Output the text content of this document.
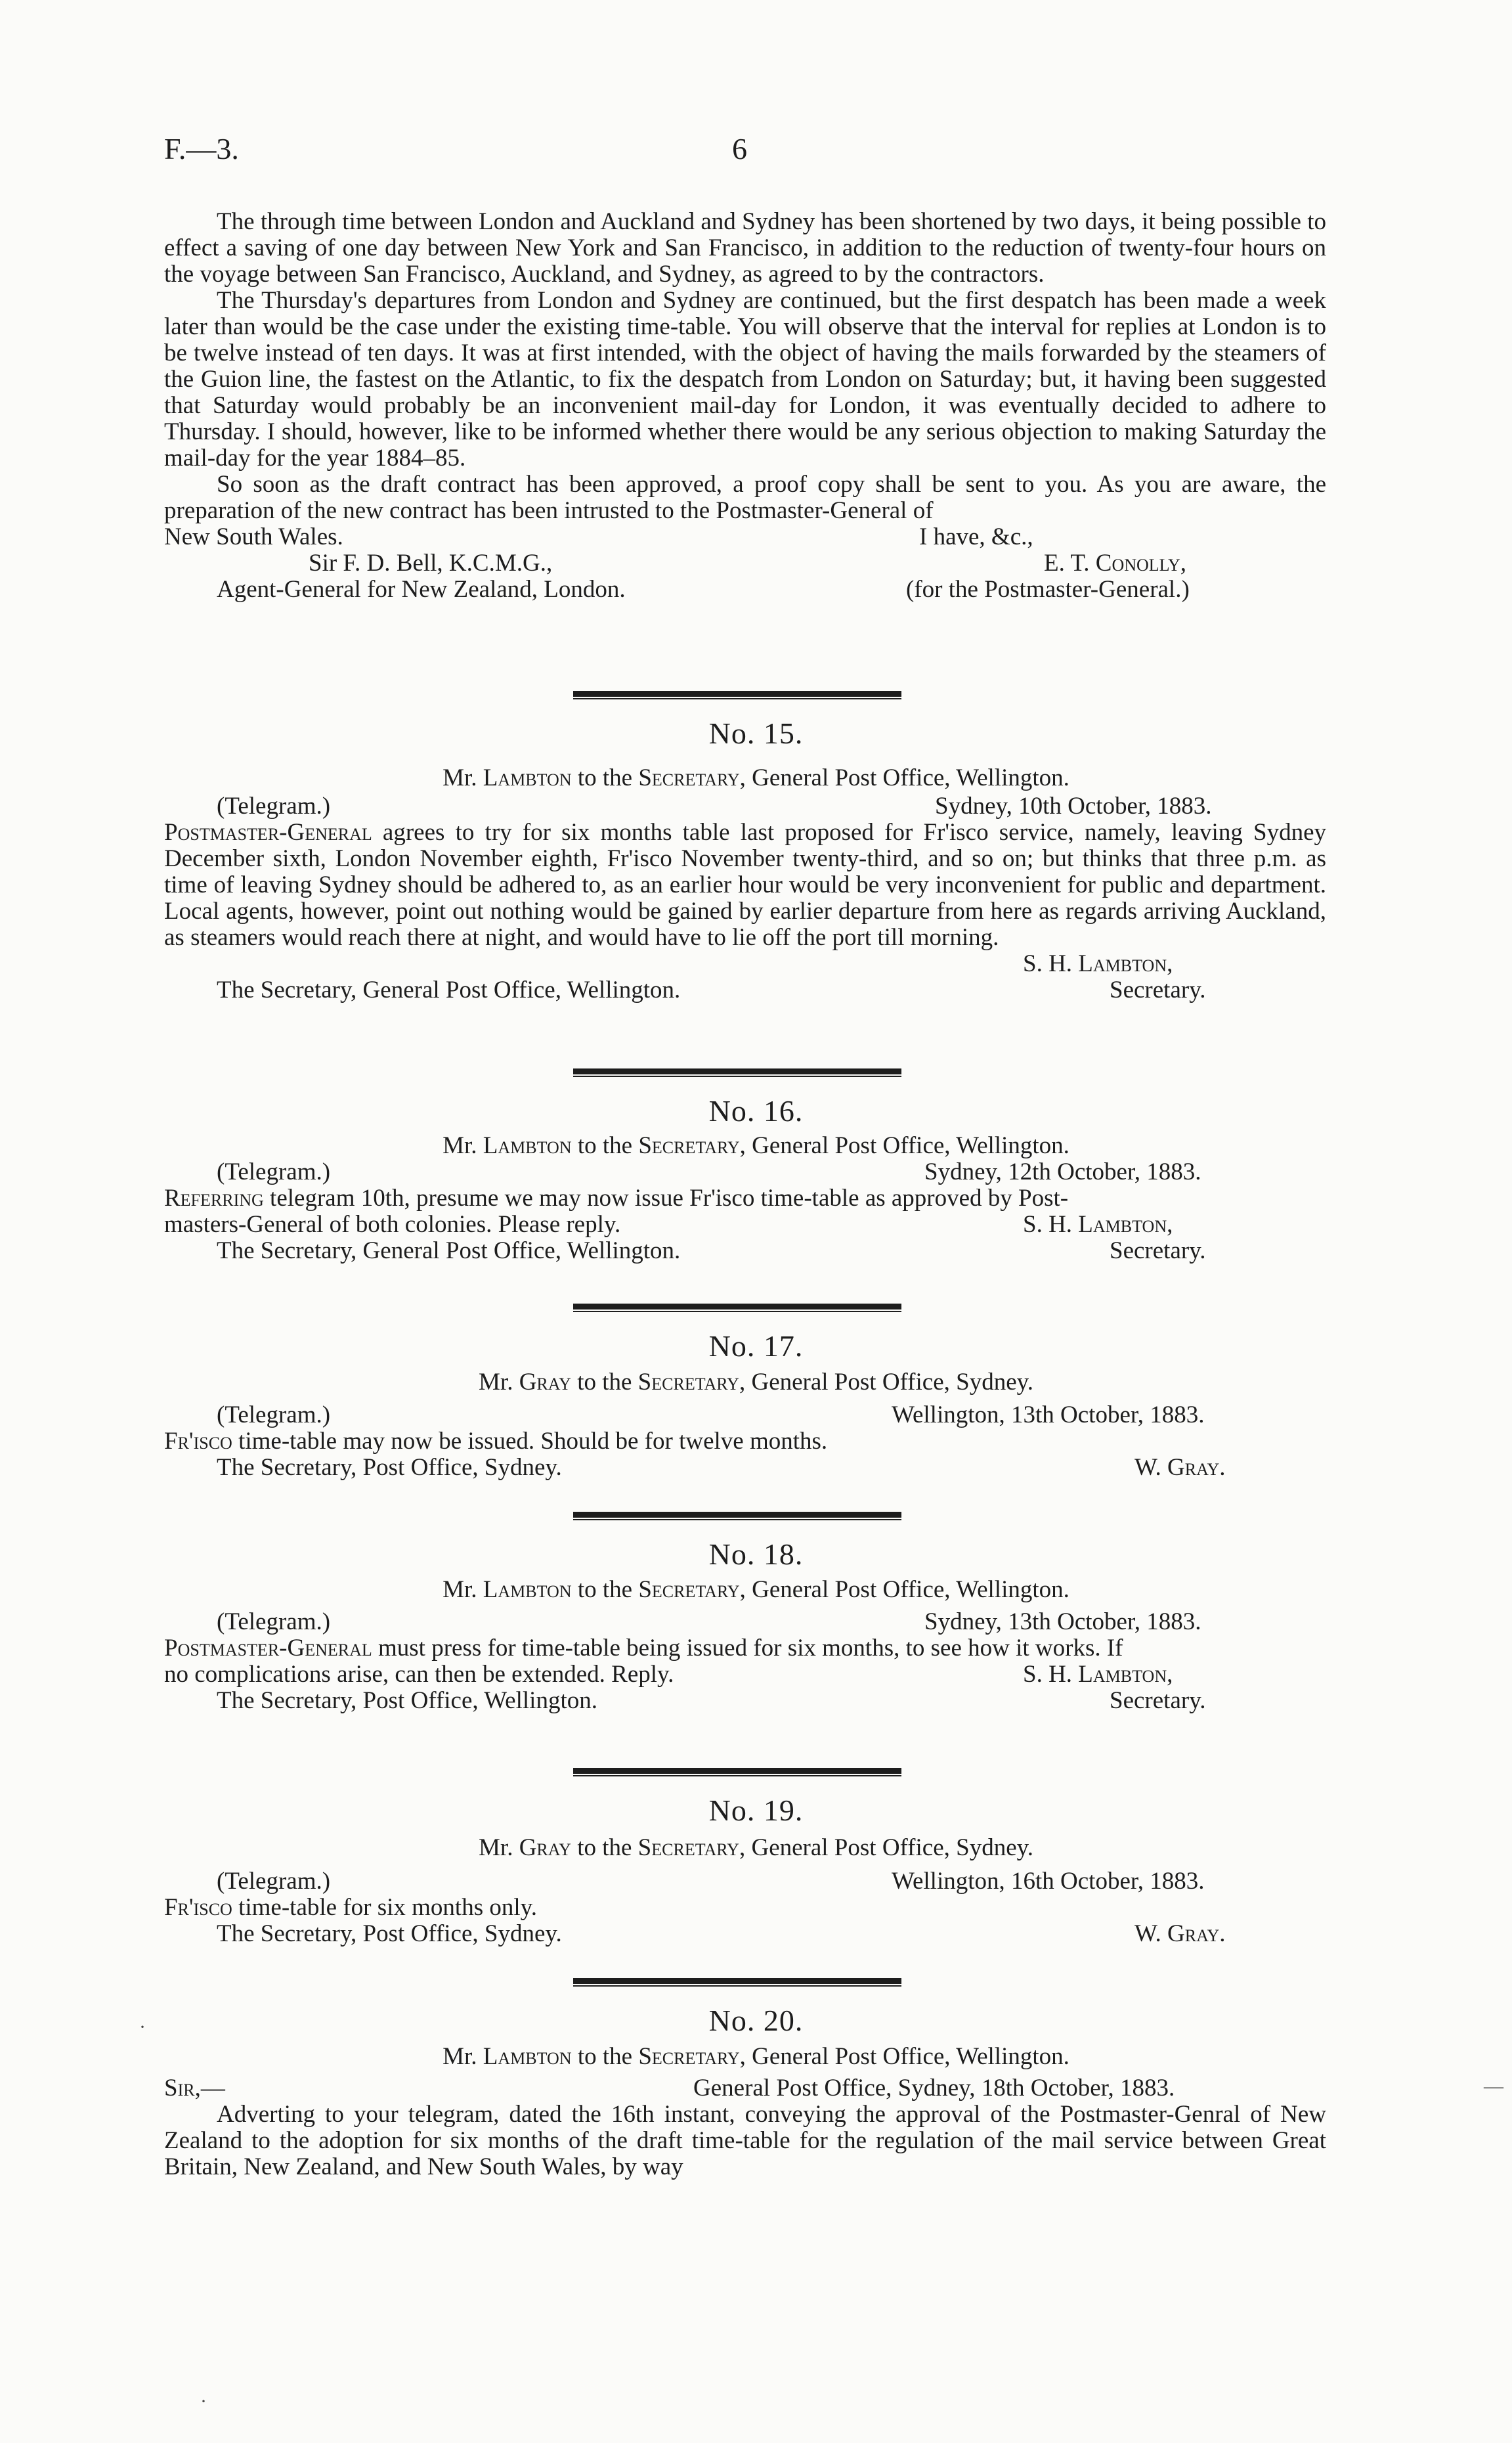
F.—3.	6

The through time between London and Auckland and Sydney has been shortened by two days, it being possible to effect a saving of one day between New York and San Francisco, in addition to the reduction of twenty-four hours on the voyage between San Francisco, Auckland, and Sydney, as agreed to by the contractors.

The Thursday's departures from London and Sydney are continued, but the first despatch has been made a week later than would be the case under the existing time-table. You will observe that the interval for replies at London is to be twelve instead of ten days. It was at first intended, with the object of having the mails forwarded by the steamers of the Guion line, the fastest on the Atlantic, to fix the despatch from London on Saturday; but, it having been suggested that Saturday would probably be an inconvenient mail-day for London, it was eventually decided to adhere to Thursday. I should, however, like to be informed whether there would be any serious objection to making Saturday the mail-day for the year 1884–85.

So soon as the draft contract has been approved, a proof copy shall be sent to you. As you are aware, the preparation of the new contract has been intrusted to the Postmaster-General of

New South Wales.	I have, &c.,
Sir F. D. Bell, K.C.M.G.,	E. T. Conolly,
Agent-General for New Zealand, London.	(for the Postmaster-General.)
No. 15.
Mr. Lambton to the Secretary, General Post Office, Wellington.
(Telegram.)	Sydney, 10th October, 1883.

Postmaster-General agrees to try for six months table last proposed for Fr'isco service, namely, leaving Sydney December sixth, London November eighth, Fr'isco November twenty-third, and so on; but thinks that three p.m. as time of leaving Sydney should be adhered to, as an earlier hour would be very inconvenient for public and department. Local agents, however, point out nothing would be gained by earlier departure from here as regards arriving Auckland, as steamers would reach there at night, and would have to lie off the port till morning.

S. H. Lambton,
The Secretary, General Post Office, Wellington.	Secretary.
No. 16.
Mr. Lambton to the Secretary, General Post Office, Wellington.
(Telegram.)	Sydney, 12th October, 1883.
Referring telegram 10th, presume we may now issue Fr'isco time-table as approved by Post-
masters-General of both colonies. Please reply.	S. H. Lambton,
The Secretary, General Post Office, Wellington.	Secretary.
No. 17.
Mr. Gray to the Secretary, General Post Office, Sydney.
(Telegram.)	Wellington, 13th October, 1883.
Fr'isco time-table may now be issued. Should be for twelve months.
The Secretary, Post Office, Sydney.	W. Gray.
No. 18.
Mr. Lambton to the Secretary, General Post Office, Wellington.
(Telegram.)	Sydney, 13th October, 1883.
Postmaster-General must press for time-table being issued for six months, to see how it works. If
no complications arise, can then be extended. Reply.	S. H. Lambton,
The Secretary, Post Office, Wellington.	Secretary.
No. 19.
Mr. Gray to the Secretary, General Post Office, Sydney.
(Telegram.)	Wellington, 16th October, 1883.
Fr'isco time-table for six months only.
The Secretary, Post Office, Sydney.	W. Gray.
No. 20.
Mr. Lambton to the Secretary, General Post Office, Wellington.
Sir,—	General Post Office, Sydney, 18th October, 1883.

Adverting to your telegram, dated the 16th instant, conveying the approval of the Postmaster-Genral of New Zealand to the adoption for six months of the draft time-table for the regulation of the mail service between Great Britain, New Zealand, and New South Wales, by way

·
—
·
